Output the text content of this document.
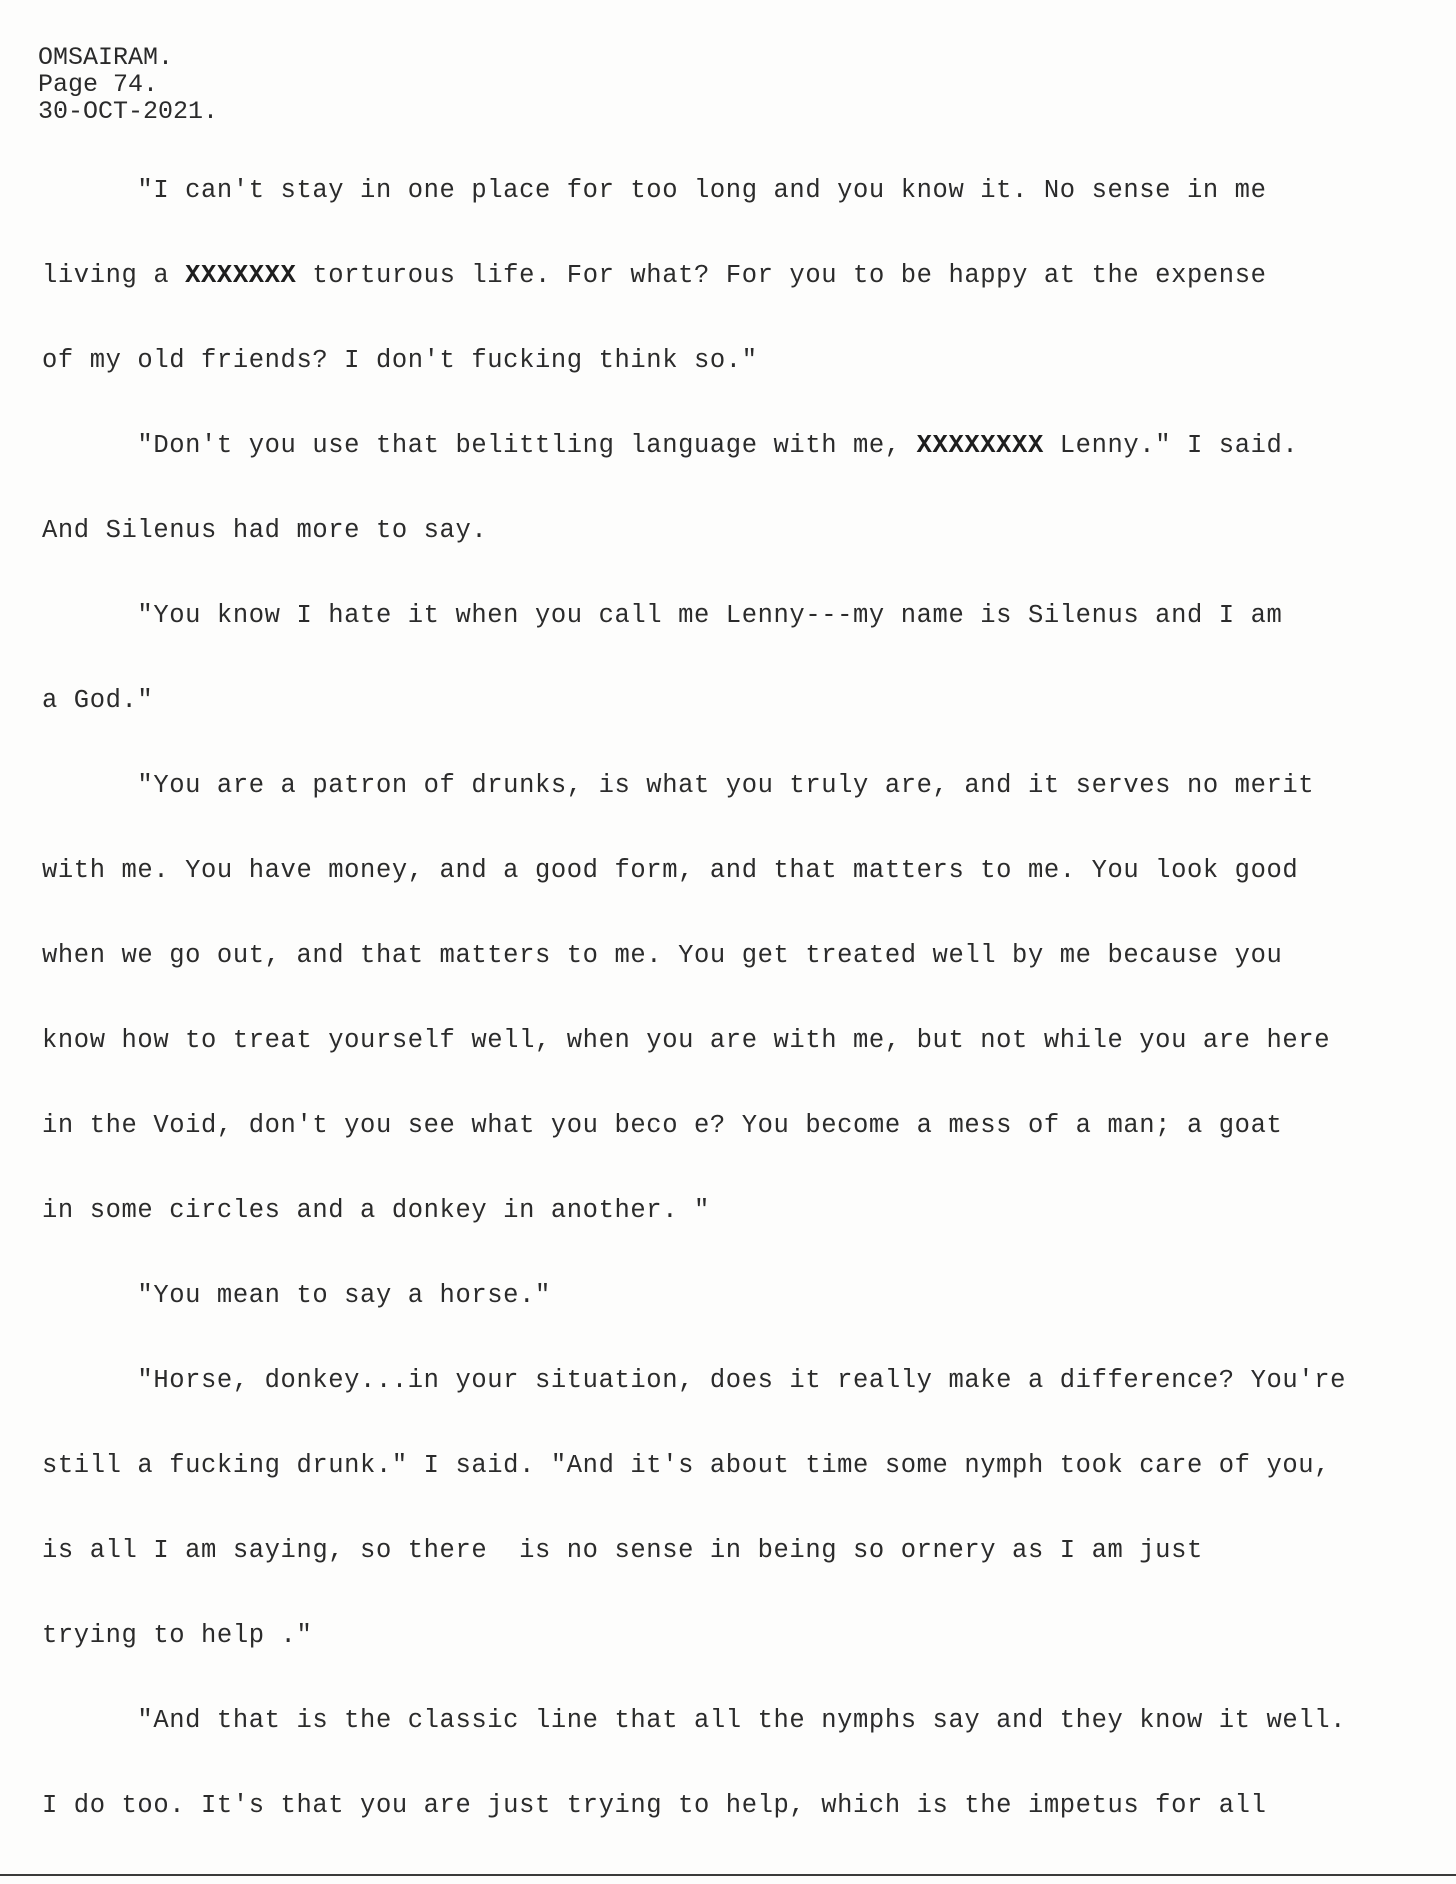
OMSAIRAM.
Page 74.
30-OCT-2021.
"I can't stay in one place for too long and you know it. No sense in me
living a XXXXXXX torturous life. For what? For you to be happy at the expense
of my old friends? I don't fucking think so."
"Don't you use that belittling language with me, XXXXXXXX Lenny." I said.
And Silenus had more to say.
"You know I hate it when you call me Lenny---my name is Silenus and I am
a God."
"You are a patron of drunks, is what you truly are, and it serves no merit
with me. You have money, and a good form, and that matters to me. You look good
when we go out, and that matters to me. You get treated well by me because you
know how to treat yourself well, when you are with me, but not while you are here
in the Void, don't you see what you beco e? You become a mess of a man; a goat
in some circles and a donkey in another. "
"You mean to say a horse."
"Horse, donkey...in your situation, does it really make a difference? You're
still a fucking drunk." I said. "And it's about time some nymph took care of you,
is all I am saying, so there  is no sense in being so ornery as I am just
trying to help ."
"And that is the classic line that all the nymphs say and they know it well.
I do too. It's that you are just trying to help, which is the impetus for all
